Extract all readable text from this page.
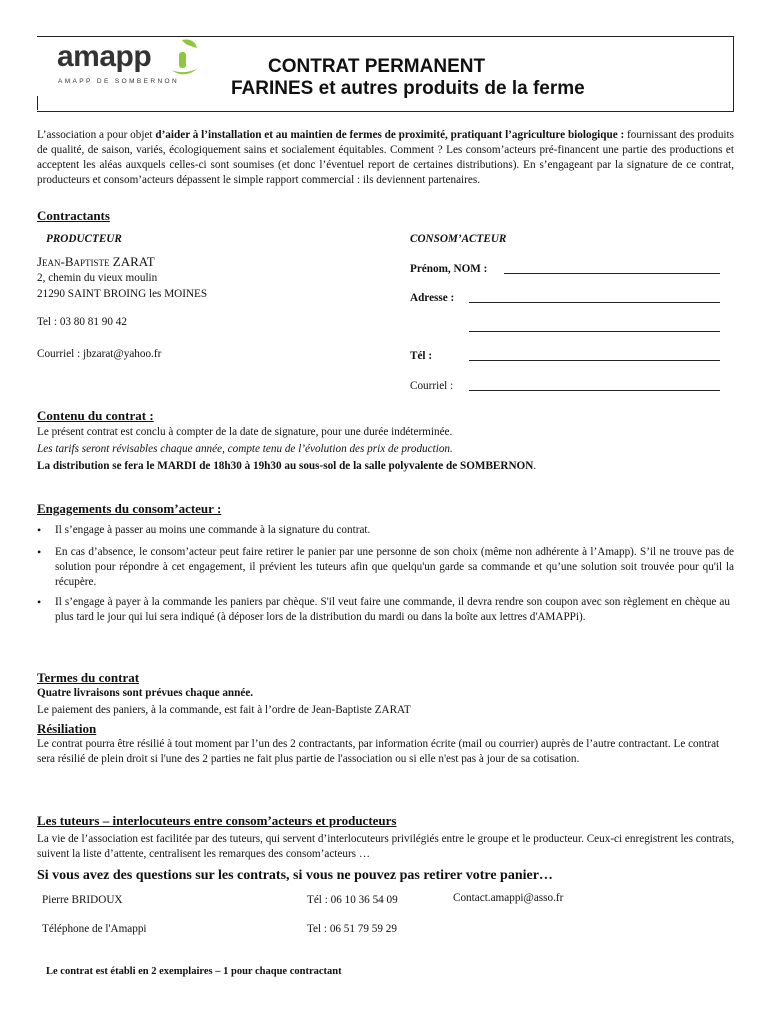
amapp
AMAPP DE SOMBERNON
CONTRAT PERMANENT
FARINES et autres produits de la ferme
L’association a pour objet d’aider à l’installation et au maintien de fermes de proximité, pratiquant l’agriculture biologique : fournissant des produits de qualité, de saison, variés, écologiquement sains et socialement équitables. Comment ? Les consom’acteurs pré-financent une partie des productions et acceptent les aléas auxquels celles-ci sont soumises (et donc l’éventuel report de certaines distributions). En s’engageant par la signature de ce contrat, producteurs et consom’acteurs dépassent le simple rapport commercial : ils deviennent partenaires.
Contractants
PRODUCTEUR
Jean-Baptiste ZARAT
2, chemin du vieux moulin
21290 SAINT BROING les MOINES
Tel : 03 80 81 90 42
Courriel : jbzarat@yahoo.fr
CONSOM’ACTEUR
Prénom, NOM :
Adresse :
Tél :
Courriel :
Contenu du contrat :
Le présent contrat est conclu à compter de la date de signature, pour une durée indéterminée.
Les tarifs seront révisables chaque année, compte tenu de l’évolution des prix de production.
La distribution se fera le MARDI de 18h30 à 19h30 au sous-sol de la salle polyvalente de SOMBERNON.
Engagements du consom’acteur :
• Il s’engage à passer au moins une commande à la signature du contrat.
• En cas d’absence, le consom’acteur peut faire retirer le panier par une personne de son choix (même non adhérente à l’Amapp). S’il ne trouve pas de solution pour répondre à cet engagement, il prévient les tuteurs afin que quelqu'un garde sa commande et qu’une solution soit trouvée pour qu'il la récupère.
• Il s’engage à payer à la commande les paniers par chèque. S'il veut faire une commande, il devra rendre son coupon avec son règlement en chèque au plus tard le jour qui lui sera indiqué (à déposer lors de la distribution du mardi ou dans la boîte aux lettres d'AMAPPi).
Termes du contrat
Quatre livraisons sont prévues chaque année.
Le paiement des paniers, à la commande, est fait à l’ordre de Jean-Baptiste ZARAT
Résiliation
Le contrat pourra être résilié à tout moment par l’un des 2 contractants, par information écrite (mail ou courrier) auprès de l’autre contractant. Le contrat sera résilié de plein droit si l'une des 2 parties ne fait plus partie de l'association ou si elle n'est pas à jour de sa cotisation.
Les tuteurs – interlocuteurs entre consom’acteurs et producteurs
La vie de l’association est facilitée par des tuteurs, qui servent d’interlocuteurs privilégiés entre le groupe et le producteur. Ceux-ci enregistrent les contrats, suivent la liste d’attente, centralisent les remarques des consom’acteurs …
Si vous avez des questions sur les contrats, si vous ne pouvez pas retirer votre panier…
Pierre BRIDOUX	Tél : 06 10 36 54 09	Contact.amappi@asso.fr
Téléphone de l'Amappi	Tel : 06 51 79 59 29
Le contrat est établi en 2 exemplaires – 1 pour chaque contractant
